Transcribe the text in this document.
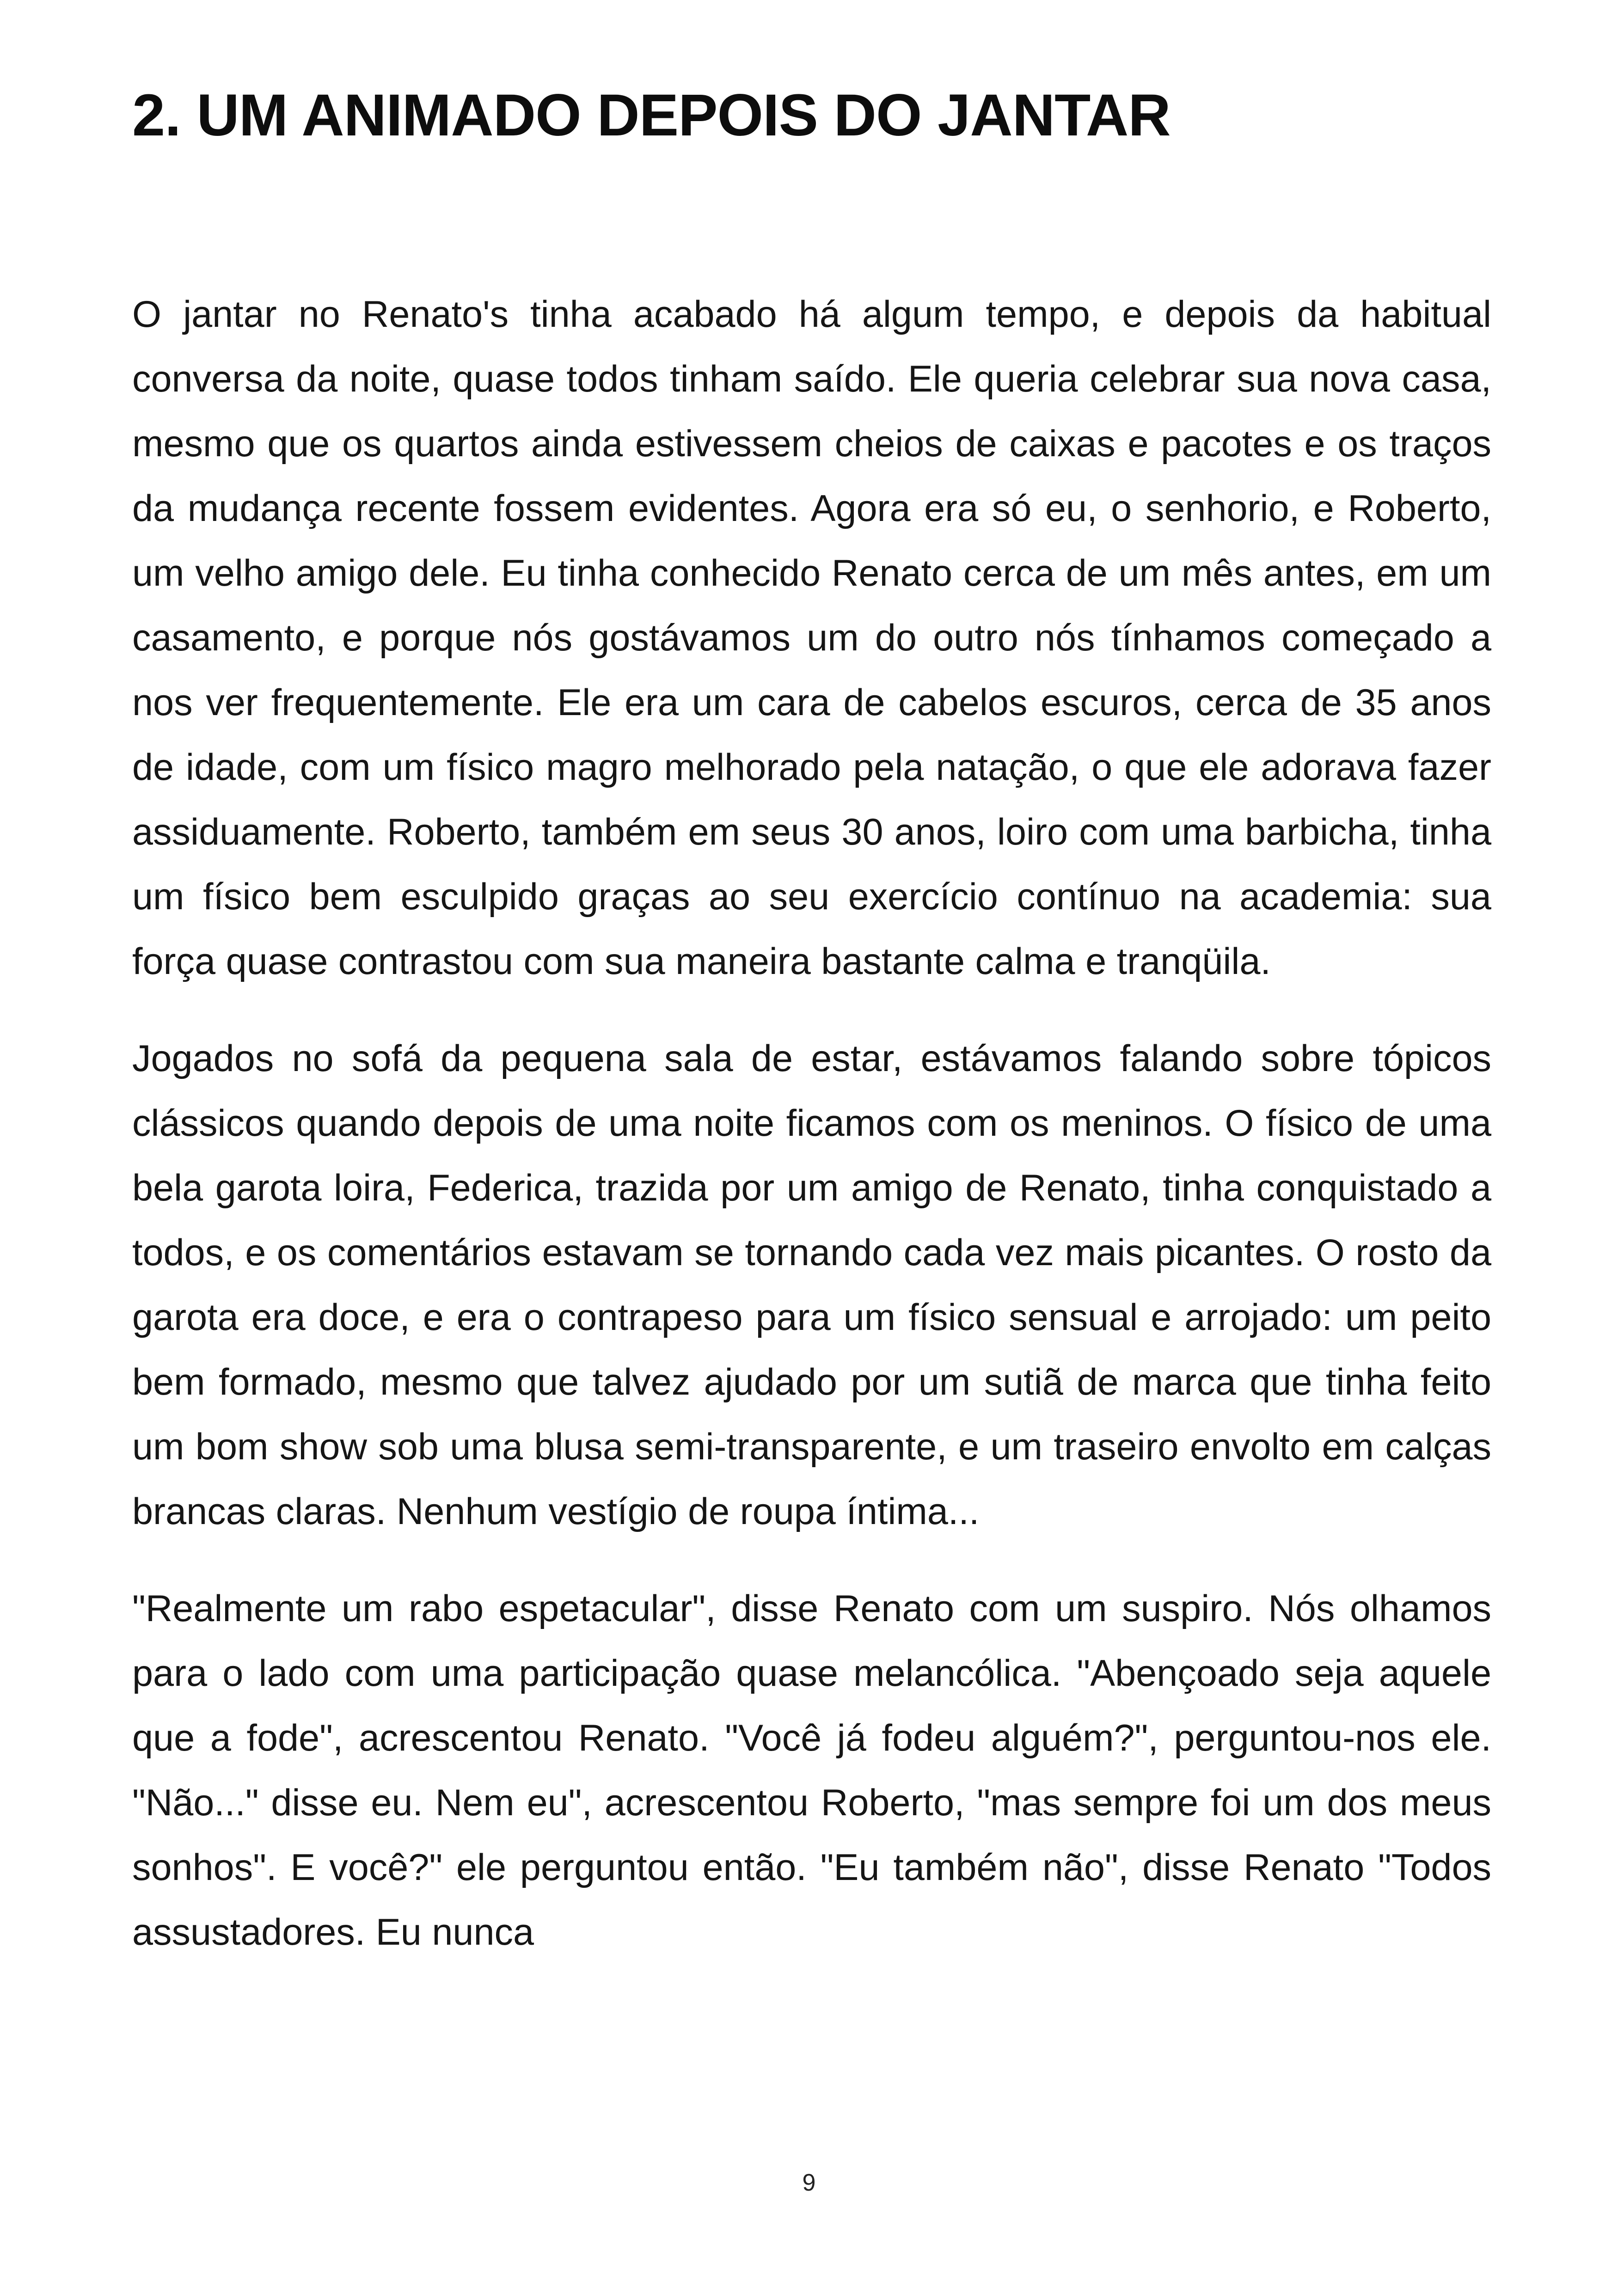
2. UM ANIMADO DEPOIS DO JANTAR

O jantar no Renato's tinha acabado há algum tempo, e depois da habitual conversa da noite, quase todos tinham saído. Ele queria celebrar sua nova casa, mesmo que os quartos ainda estivessem cheios de caixas e pacotes e os traços da mudança recente fossem evidentes. Agora era só eu, o senhorio, e Roberto, um velho amigo dele. Eu tinha conhecido Renato cerca de um mês antes, em um casamento, e porque nós gostávamos um do outro nós tínhamos começado a nos ver frequentemente. Ele era um cara de cabelos escuros, cerca de 35 anos de idade, com um físico magro melhorado pela natação, o que ele adorava fazer assiduamente. Roberto, também em seus 30 anos, loiro com uma barbicha, tinha um físico bem esculpido graças ao seu exercício contínuo na academia: sua força quase contrastou com sua maneira bastante calma e tranqüila.

Jogados no sofá da pequena sala de estar, estávamos falando sobre tópicos clássicos quando depois de uma noite ficamos com os meninos. O físico de uma bela garota loira, Federica, trazida por um amigo de Renato, tinha conquistado a todos, e os comentários estavam se tornando cada vez mais picantes. O rosto da garota era doce, e era o contrapeso para um físico sensual e arrojado: um peito bem formado, mesmo que talvez ajudado por um sutiã de marca que tinha feito um bom show sob uma blusa semi-transparente, e um traseiro envolto em calças brancas claras. Nenhum vestígio de roupa íntima...

"Realmente um rabo espetacular", disse Renato com um suspiro. Nós olhamos para o lado com uma participação quase melancólica. "Abençoado seja aquele que a fode", acrescentou Renato. "Você já fodeu alguém?", perguntou-nos ele. "Não..." disse eu. Nem eu", acrescentou Roberto, "mas sempre foi um dos meus sonhos". E você?" ele perguntou então. "Eu também não", disse Renato "Todos assustadores. Eu nunca

9
